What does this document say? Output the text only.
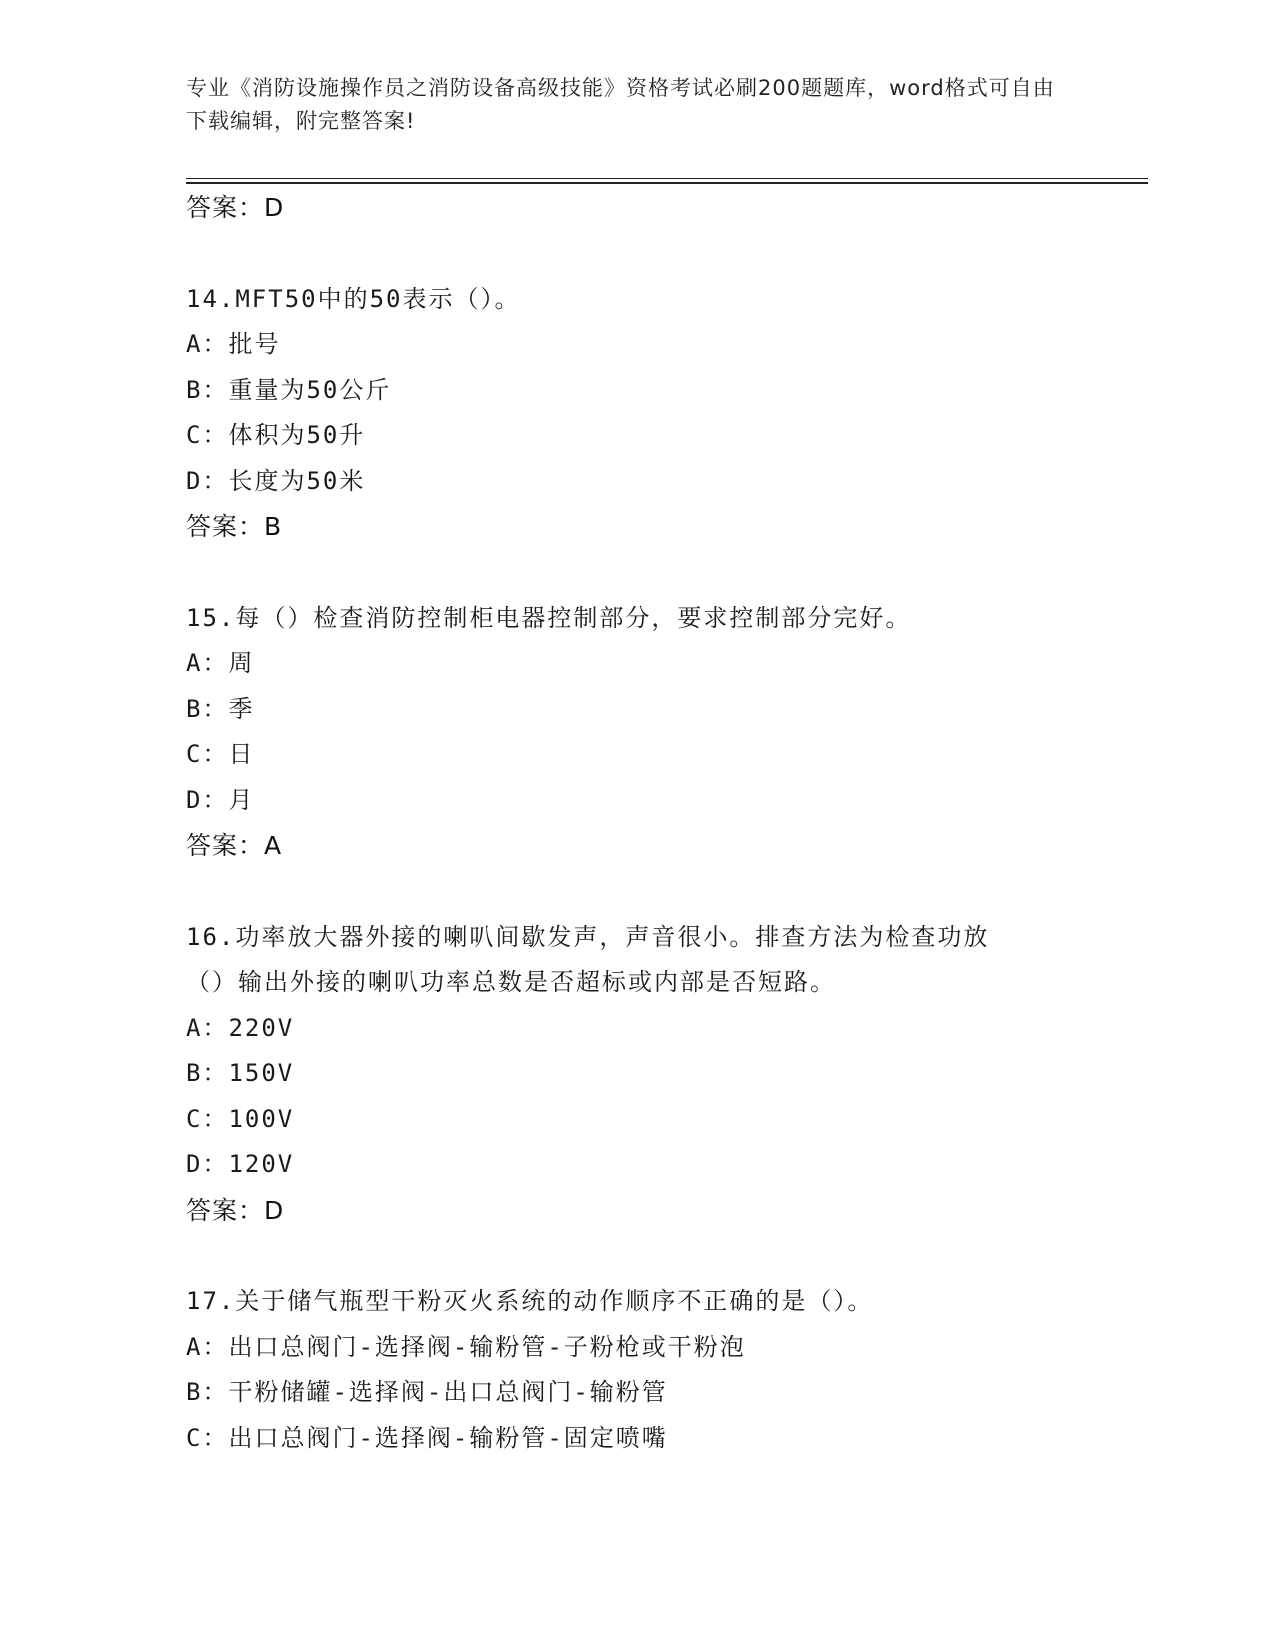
专业《消防设施操作员之消防设备高级技能》资格考试必刷200题题库，word格式可自由下载编辑，附完整答案!
答案：D
14.MFT50中的50表示（）。
A：批号
B：重量为50公斤
C：体积为50升
D：长度为50米
答案：B
15.每（）检查消防控制柜电器控制部分，要求控制部分完好。
A：周
B：季
C：日
D：月
答案：A
16.功率放大器外接的喇叭间歇发声，声音很小。排查方法为检查功放
（）输出外接的喇叭功率总数是否超标或内部是否短路。
A：220V
B：150V
C：100V
D：120V
答案：D
17.关于储气瓶型干粉灭火系统的动作顺序不正确的是（）。
A：出口总阀门-选择阀-输粉管-子粉枪或干粉泡
B：干粉储罐-选择阀-出口总阀门-输粉管
C：出口总阀门-选择阀-输粉管-固定喷嘴
